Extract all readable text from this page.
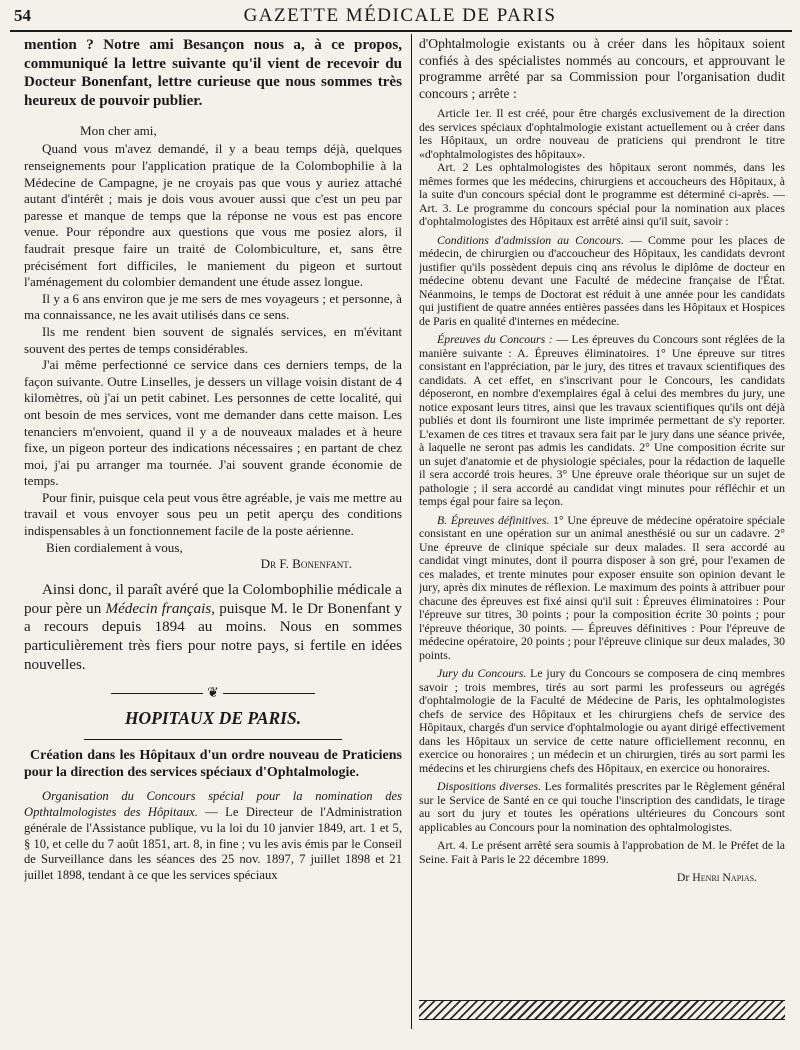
54	GAZETTE MÉDICALE DE PARIS

mention ? Notre ami Besançon nous a, à ce propos, communiqué la lettre suivante qu'il vient de recevoir du Docteur Bonenfant, lettre curieuse que nous sommes très heureux de pouvoir publier.

Mon cher ami,

Quand vous m'avez demandé, il y a beau temps déjà, quelques renseignements pour l'application pratique de la Colombophilie à la Médecine de Campagne, je ne croyais pas que vous y auriez attaché autant d'intérêt ; mais je dois vous avouer aussi que c'est un peu par paresse et manque de temps que la réponse ne vous est pas encore venue. Pour répondre aux questions que vous me posiez alors, il faudrait presque faire un traité de Colombiculture, et, sans être précisément fort difficiles, le maniement du pigeon et surtout l'aménagement du colombier demandent une étude assez longue.

Il y a 6 ans environ que je me sers de mes voyageurs ; et personne, à ma connaissance, ne les avait utilisés dans ce sens.

Ils me rendent bien souvent de signalés services, en m'évitant souvent des pertes de temps considérables.

J'ai même perfectionné ce service dans ces derniers temps, de la façon suivante. Outre Linselles, je dessers un village voisin distant de 4 kilomètres, où j'ai un petit cabinet. Les personnes de cette localité, qui ont besoin de mes services, vont me demander dans cette maison. Les tenanciers m'envoient, quand il y a de nouveaux malades et à heure fixe, un pigeon porteur des indications nécessaires ; en partant de chez moi, j'ai pu arranger ma tournée. J'ai souvent grande économie de temps.

Pour finir, puisque cela peut vous être agréable, je vais me mettre au travail et vous envoyer sous peu un petit aperçu des conditions indispensables à un fonctionnement facile de la poste aérienne.

Bien cordialement à vous,

Dr F. Bonenfant.

Ainsi donc, il paraît avéré que la Colombophilie médicale a pour père un Médecin français, puisque M. le Dr Bonenfant y a recours depuis 1894 au moins. Nous en sommes particulièrement très fiers pour notre pays, si fertile en idées nouvelles.

❦

HOPITAUX DE PARIS.

Création dans les Hôpitaux d'un ordre nouveau de Praticiens pour la direction des services spéciaux d'Ophtalmologie.

Organisation du Concours spécial pour la nomination des Opthtalmologistes des Hôpitaux. — Le Directeur de l'Administration générale de l'Assistance publique, vu la loi du 10 janvier 1849, art. 1 et 5, § 10, et celle du 7 août 1851, art. 8, in fine ; vu les avis émis par le Conseil de Surveillance dans les séances des 25 nov. 1897, 7 juillet 1898 et 21 juillet 1898, tendant à ce que les services spéciaux

d'Ophtalmologie existants ou à créer dans les hôpitaux soient confiés à des spécialistes nommés au concours, et approuvant le programme arrêté par sa Commission pour l'organisation dudit concours ; arrête :

Article 1er. Il est créé, pour être chargés exclusivement de la direction des services spéciaux d'ophtalmologie existant actuellement ou à créer dans les Hôpitaux, un ordre nouveau de praticiens qui prendront le titre «d'ophtalmologistes des hôpitaux».

Art. 2 Les ophtalmologistes des hôpitaux seront nommés, dans les mêmes formes que les médecins, chirurgiens et accoucheurs des Hôpitaux, à la suite d'un concours spécial dont le programme est déterminé ci-après. — Art. 3. Le programme du concours spécial pour la nomination aux places d'ophtalmologistes des Hôpitaux est arrêté ainsi qu'il suit, savoir :

Conditions d'admission au Concours. — Comme pour les places de médecin, de chirurgien ou d'accoucheur des Hôpitaux, les candidats devront justifier qu'ils possèdent depuis cinq ans révolus le diplôme de docteur en médecine obtenu devant une Faculté de médecine française de l'État. Néanmoins, le temps de Doctorat est réduit à une année pour les candidats qui justifient de quatre années entières passées dans les Hôpitaux et Hospices de Paris en qualité d'internes en médecine.

Épreuves du Concours : — Les épreuves du Concours sont réglées de la manière suivante : A. Épreuves éliminatoires. 1° Une épreuve sur titres consistant en l'appréciation, par le jury, des titres et travaux scientifiques des candidats. A cet effet, en s'inscrivant pour le Concours, les candidats déposeront, en nombre d'exemplaires égal à celui des membres du jury, une notice exposant leurs titres, ainsi que les travaux scientifiques qu'ils ont déjà publiés et dont ils fourniront une liste imprimée permettant de s'y reporter. L'examen de ces titres et travaux sera fait par le jury dans une séance privée, à laquelle ne seront pas admis les candidats. 2° Une composition écrite sur un sujet d'anatomie et de physiologie spéciales, pour la rédaction de laquelle il sera accordé trois heures. 3° Une épreuve orale théorique sur un sujet de pathologie ; il sera accordé au candidat vingt minutes pour réfléchir et un temps égal pour faire sa leçon.

B. Épreuves définitives. 1° Une épreuve de médecine opératoire spéciale consistant en une opération sur un animal anesthésié ou sur un cadavre. 2° Une épreuve de clinique spéciale sur deux malades. Il sera accordé au candidat vingt minutes, dont il pourra disposer à son gré, pour l'examen de ces malades, et trente minutes pour exposer ensuite son opinion devant le jury, après dix minutes de réflexion. Le maximum des points à attribuer pour chacune des épreuves est fixé ainsi qu'il suit : Épreuves éliminatoires : Pour l'épreuve sur titres, 30 points ; pour la composition écrite 30 points ; pour l'épreuve théorique, 30 points. — Épreuves définitives : Pour l'épreuve de médecine opératoire, 20 points ; pour l'épreuve clinique sur deux malades, 30 points.

Jury du Concours. Le jury du Concours se composera de cinq membres savoir ; trois membres, tirés au sort parmi les professeurs ou agrégés d'ophtalmologie de la Faculté de Médecine de Paris, les ophtalmologistes chefs de service des Hôpitaux et les chirurgiens chefs de service des Hôpitaux, chargés d'un service d'ophtalmologie ou ayant dirigé effectivement dans les Hôpitaux un service de cette nature officiellement reconnu, en exercice ou honoraires ; un médecin et un chirurgien, tirés au sort parmi les médecins et les chirurgiens chefs des Hôpitaux, en exercice ou honoraires.

Dispositions diverses. Les formalités prescrites par le Règlement général sur le Service de Santé en ce qui touche l'inscription des candidats, le tirage au sort du jury et toutes les opérations ultérieures du Concours sont applicables au Concours pour la nomination des ophtalmologistes.

Art. 4. Le présent arrêté sera soumis à l'approbation de M. le Préfet de la Seine. Fait à Paris le 22 décembre 1899.

Dr Henri Napias.
